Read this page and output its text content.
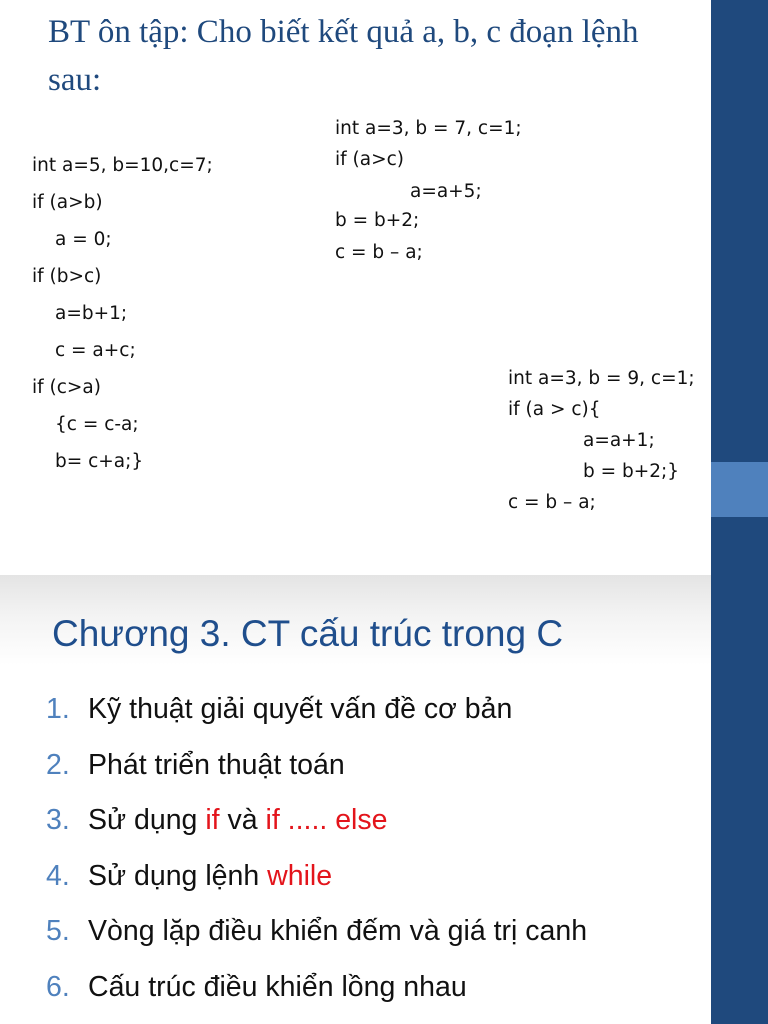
BT ôn tập: Cho biết kết quả a, b, c đoạn lệnh sau:
int a=3, b = 7, c=1;
if (a>c)
a=a+5;
b = b+2;
c = b – a;
int a=5, b=10,c=7;
if (a>b)
a = 0;
if (b>c)
a=b+1;
c = a+c;
if (c>a)
{c = c-a;
b= c+a;}
int a=3, b = 9, c=1;
if (a > c){
a=a+1;
b = b+2;}
c = b – a;
Chương 3. CT cấu trúc trong C
1. Kỹ thuật giải quyết vấn đề cơ bản
2. Phát triển thuật toán
3. Sử dụng if và if ..... else
4. Sử dụng lệnh while
5. Vòng lặp điều khiển đếm và giá trị canh
6. Cấu trúc điều khiển lồng nhau
